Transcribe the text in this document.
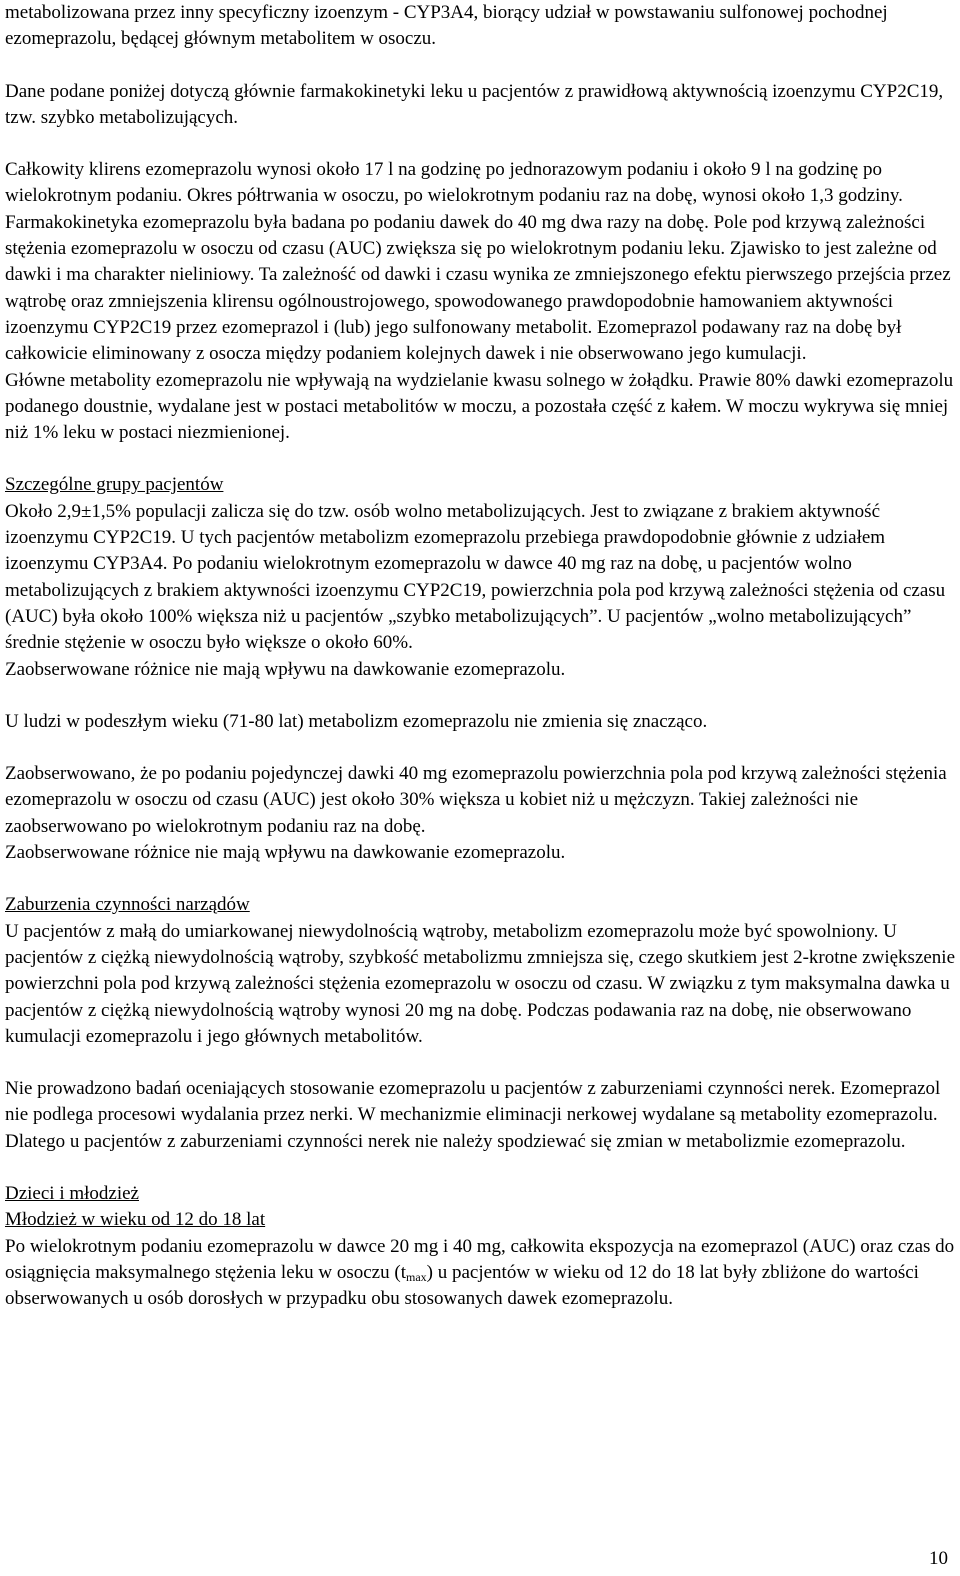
metabolizowana przez inny specyficzny izoenzym - CYP3A4, biorący udział w powstawaniu sulfonowej pochodnej ezomeprazolu, będącej głównym metabolitem w osoczu.

Dane podane poniżej dotyczą głównie farmakokinetyki leku u pacjentów z prawidłową aktywnością izoenzymu CYP2C19, tzw. szybko metabolizujących.

Całkowity klirens ezomeprazolu wynosi około 17 l na godzinę po jednorazowym podaniu i około 9 l na godzinę po wielokrotnym podaniu. Okres półtrwania w osoczu, po wielokrotnym podaniu raz na dobę, wynosi około 1,3 godziny. Farmakokinetyka ezomeprazolu była badana po podaniu dawek do 40 mg dwa razy na dobę. Pole pod krzywą zależności stężenia ezomeprazolu w osoczu od czasu (AUC) zwiększa się po wielokrotnym podaniu leku. Zjawisko to jest zależne od dawki i ma charakter nieliniowy. Ta zależność od dawki i czasu wynika ze zmniejszonego efektu pierwszego przejścia przez wątrobę oraz zmniejszenia klirensu ogólnoustrojowego, spowodowanego prawdopodobnie hamowaniem aktywności izoenzymu CYP2C19 przez ezomeprazol i (lub) jego sulfonowany metabolit. Ezomeprazol podawany raz na dobę był całkowicie eliminowany z osocza między podaniem kolejnych dawek i nie obserwowano jego kumulacji.

Główne metabolity ezomeprazolu nie wpływają na wydzielanie kwasu solnego w żołądku. Prawie 80% dawki ezomeprazolu podanego doustnie, wydalane jest w postaci metabolitów w moczu, a pozostała część z kałem. W moczu wykrywa się mniej niż 1% leku w postaci niezmienionej.

Szczególne grupy pacjentów

Około 2,9±1,5% populacji zalicza się do tzw. osób wolno metabolizujących. Jest to związane z brakiem aktywność izoenzymu CYP2C19. U tych pacjentów metabolizm ezomeprazolu przebiega prawdopodobnie głównie z udziałem izoenzymu CYP3A4. Po podaniu wielokrotnym ezomeprazolu w dawce 40 mg raz na dobę, u pacjentów wolno metabolizujących z brakiem aktywności izoenzymu CYP2C19, powierzchnia pola pod krzywą zależności stężenia od czasu (AUC) była około 100% większa niż u pacjentów „szybko metabolizujących”. U pacjentów „wolno metabolizujących” średnie stężenie w osoczu było większe o około 60%.

Zaobserwowane różnice nie mają wpływu na dawkowanie ezomeprazolu.

U ludzi w podeszłym wieku (71-80 lat) metabolizm ezomeprazolu nie zmienia się znacząco.

Zaobserwowano, że po podaniu pojedynczej dawki 40 mg ezomeprazolu powierzchnia pola pod krzywą zależności stężenia ezomeprazolu w osoczu od czasu (AUC) jest około 30% większa u kobiet niż u mężczyzn. Takiej zależności nie zaobserwowano po wielokrotnym podaniu raz na dobę.

Zaobserwowane różnice nie mają wpływu na dawkowanie ezomeprazolu.

Zaburzenia czynności narządów

U pacjentów z małą do umiarkowanej niewydolnością wątroby, metabolizm ezomeprazolu może być spowolniony. U pacjentów z ciężką niewydolnością wątroby, szybkość metabolizmu zmniejsza się, czego skutkiem jest 2-krotne zwiększenie powierzchni pola pod krzywą zależności stężenia ezomeprazolu w osoczu od czasu. W związku z tym maksymalna dawka u pacjentów z ciężką niewydolnością wątroby wynosi 20 mg na dobę. Podczas podawania raz na dobę, nie obserwowano kumulacji ezomeprazolu i jego głównych metabolitów.

Nie prowadzono badań oceniających stosowanie ezomeprazolu u pacjentów z zaburzeniami czynności nerek. Ezomeprazol nie podlega procesowi wydalania przez nerki. W mechanizmie eliminacji nerkowej wydalane są metabolity ezomeprazolu. Dlatego u pacjentów z zaburzeniami czynności nerek nie należy spodziewać się zmian w metabolizmie ezomeprazolu.

Dzieci i młodzież

Młodzież w wieku od 12 do 18 lat

Po wielokrotnym podaniu ezomeprazolu w dawce 20 mg i 40 mg, całkowita ekspozycja na ezomeprazol (AUC) oraz czas do osiągnięcia maksymalnego stężenia leku w osoczu $(t_{max})$ u pacjentów w wieku od 12 do 18 lat były zbliżone do wartości obserwowanych u osób dorosłych w przypadku obu stosowanych dawek ezomeprazolu.

10
